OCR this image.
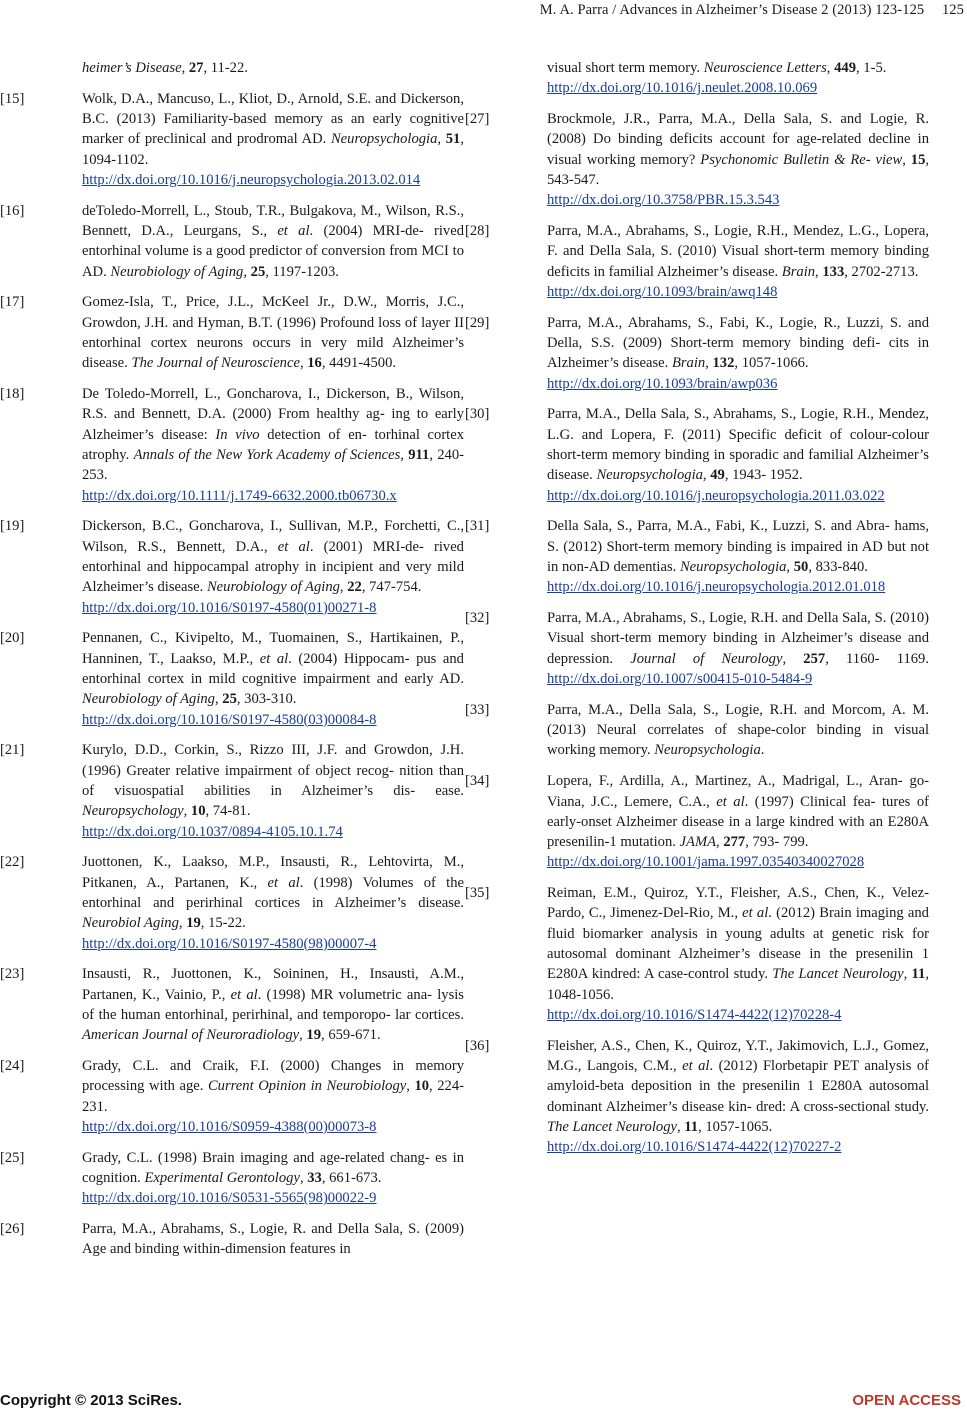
M. A. Parra / Advances in Alzheimer’s Disease 2 (2013) 123-125 125
heimer’s Disease, 27, 11-22.
[15]	Wolk, D.A., Mancuso, L., Kliot, D., Arnold, S.E. and Dickerson, B.C. (2013) Familiarity-based memory as an early cognitive marker of preclinical and prodromal AD. Neuropsychologia, 51, 1094-1102.
http://dx.doi.org/10.1016/j.neuropsychologia.2013.02.014
[16]	deToledo-Morrell, L., Stoub, T.R., Bulgakova, M., Wilson, R.S., Bennett, D.A., Leurgans, S., et al. (2004) MRI-de- rived entorhinal volume is a good predictor of conversion from MCI to AD. Neurobiology of Aging, 25, 1197-1203.
[17]	Gomez-Isla, T., Price, J.L., McKeel Jr., D.W., Morris, J.C., Growdon, J.H. and Hyman, B.T. (1996) Profound loss of layer II entorhinal cortex neurons occurs in very mild Alzheimer’s disease. The Journal of Neuroscience, 16, 4491-4500.
[18]	De Toledo-Morrell, L., Goncharova, I., Dickerson, B., Wilson, R.S. and Bennett, D.A. (2000) From healthy ag- ing to early Alzheimer’s disease: In vivo detection of en- torhinal cortex atrophy. Annals of the New York Academy of Sciences, 911, 240-253.
http://dx.doi.org/10.1111/j.1749-6632.2000.tb06730.x
[19]	Dickerson, B.C., Goncharova, I., Sullivan, M.P., Forchetti, C., Wilson, R.S., Bennett, D.A., et al. (2001) MRI-de- rived entorhinal and hippocampal atrophy in incipient and very mild Alzheimer’s disease. Neurobiology of Aging, 22, 747-754.
http://dx.doi.org/10.1016/S0197-4580(01)00271-8
[20]	Pennanen, C., Kivipelto, M., Tuomainen, S., Hartikainen, P., Hanninen, T., Laakso, M.P., et al. (2004) Hippocam- pus and entorhinal cortex in mild cognitive impairment and early AD. Neurobiology of Aging, 25, 303-310.
http://dx.doi.org/10.1016/S0197-4580(03)00084-8
[21]	Kurylo, D.D., Corkin, S., Rizzo III, J.F. and Growdon, J.H. (1996) Greater relative impairment of object recog- nition than of visuospatial abilities in Alzheimer’s dis- ease. Neuropsychology, 10, 74-81.
http://dx.doi.org/10.1037/0894-4105.10.1.74
[22]	Juottonen, K., Laakso, M.P., Insausti, R., Lehtovirta, M., Pitkanen, A., Partanen, K., et al. (1998) Volumes of the entorhinal and perirhinal cortices in Alzheimer’s disease. Neurobiol Aging, 19, 15-22.
http://dx.doi.org/10.1016/S0197-4580(98)00007-4
[23]	Insausti, R., Juottonen, K., Soininen, H., Insausti, A.M., Partanen, K., Vainio, P., et al. (1998) MR volumetric ana- lysis of the human entorhinal, perirhinal, and temporopo- lar cortices. American Journal of Neuroradiology, 19, 659-671.
[24]	Grady, C.L. and Craik, F.I. (2000) Changes in memory processing with age. Current Opinion in Neurobiology, 10, 224-231.
http://dx.doi.org/10.1016/S0959-4388(00)00073-8
[25]	Grady, C.L. (1998) Brain imaging and age-related chang- es in cognition. Experimental Gerontology, 33, 661-673.
http://dx.doi.org/10.1016/S0531-5565(98)00022-9
[26]	Parra, M.A., Abrahams, S., Logie, R. and Della Sala, S. (2009) Age and binding within-dimension features in
visual short term memory. Neuroscience Letters, 449, 1-5.
http://dx.doi.org/10.1016/j.neulet.2008.10.069
[27]	Brockmole, J.R., Parra, M.A., Della Sala, S. and Logie, R. (2008) Do binding deficits account for age-related decline in visual working memory? Psychonomic Bulletin & Re- view, 15, 543-547.
http://dx.doi.org/10.3758/PBR.15.3.543
[28]	Parra, M.A., Abrahams, S., Logie, R.H., Mendez, L.G., Lopera, F. and Della Sala, S. (2010) Visual short-term memory binding deficits in familial Alzheimer’s disease. Brain, 133, 2702-2713.
http://dx.doi.org/10.1093/brain/awq148
[29]	Parra, M.A., Abrahams, S., Fabi, K., Logie, R., Luzzi, S. and Della, S.S. (2009) Short-term memory binding defi- cits in Alzheimer’s disease. Brain, 132, 1057-1066.
http://dx.doi.org/10.1093/brain/awp036
[30]	Parra, M.A., Della Sala, S., Abrahams, S., Logie, R.H., Mendez, L.G. and Lopera, F. (2011) Specific deficit of colour-colour short-term memory binding in sporadic and familial Alzheimer’s disease. Neuropsychologia, 49, 1943- 1952.
http://dx.doi.org/10.1016/j.neuropsychologia.2011.03.022
[31]	Della Sala, S., Parra, M.A., Fabi, K., Luzzi, S. and Abra- hams, S. (2012) Short-term memory binding is impaired in AD but not in non-AD dementias. Neuropsychologia, 50, 833-840.
http://dx.doi.org/10.1016/j.neuropsychologia.2012.01.018
[32]	Parra, M.A., Abrahams, S., Logie, R.H. and Della Sala, S. (2010) Visual short-term memory binding in Alzheimer’s disease and depression. Journal of Neurology, 257, 1160- 1169. http://dx.doi.org/10.1007/s00415-010-5484-9
[33]	Parra, M.A., Della Sala, S., Logie, R.H. and Morcom, A. M. (2013) Neural correlates of shape-color binding in visual working memory. Neuropsychologia.
[34]	Lopera, F., Ardilla, A., Martinez, A., Madrigal, L., Aran- go-Viana, J.C., Lemere, C.A., et al. (1997) Clinical fea- tures of early-onset Alzheimer disease in a large kindred with an E280A presenilin-1 mutation. JAMA, 277, 793- 799.
http://dx.doi.org/10.1001/jama.1997.03540340027028
[35]	Reiman, E.M., Quiroz, Y.T., Fleisher, A.S., Chen, K., Velez-Pardo, C., Jimenez-Del-Rio, M., et al. (2012) Brain imaging and fluid biomarker analysis in young adults at genetic risk for autosomal dominant Alzheimer’s disease in the presenilin 1 E280A kindred: A case-control study. The Lancet Neurology, 11, 1048-1056.
http://dx.doi.org/10.1016/S1474-4422(12)70228-4
[36]	Fleisher, A.S., Chen, K., Quiroz, Y.T., Jakimovich, L.J., Gomez, M.G., Langois, C.M., et al. (2012) Florbetapir PET analysis of amyloid-beta deposition in the presenilin 1 E280A autosomal dominant Alzheimer’s disease kin- dred: A cross-sectional study. The Lancet Neurology, 11, 1057-1065.
http://dx.doi.org/10.1016/S1474-4422(12)70227-2
Copyright © 2013 SciRes.	OPEN ACCESS
